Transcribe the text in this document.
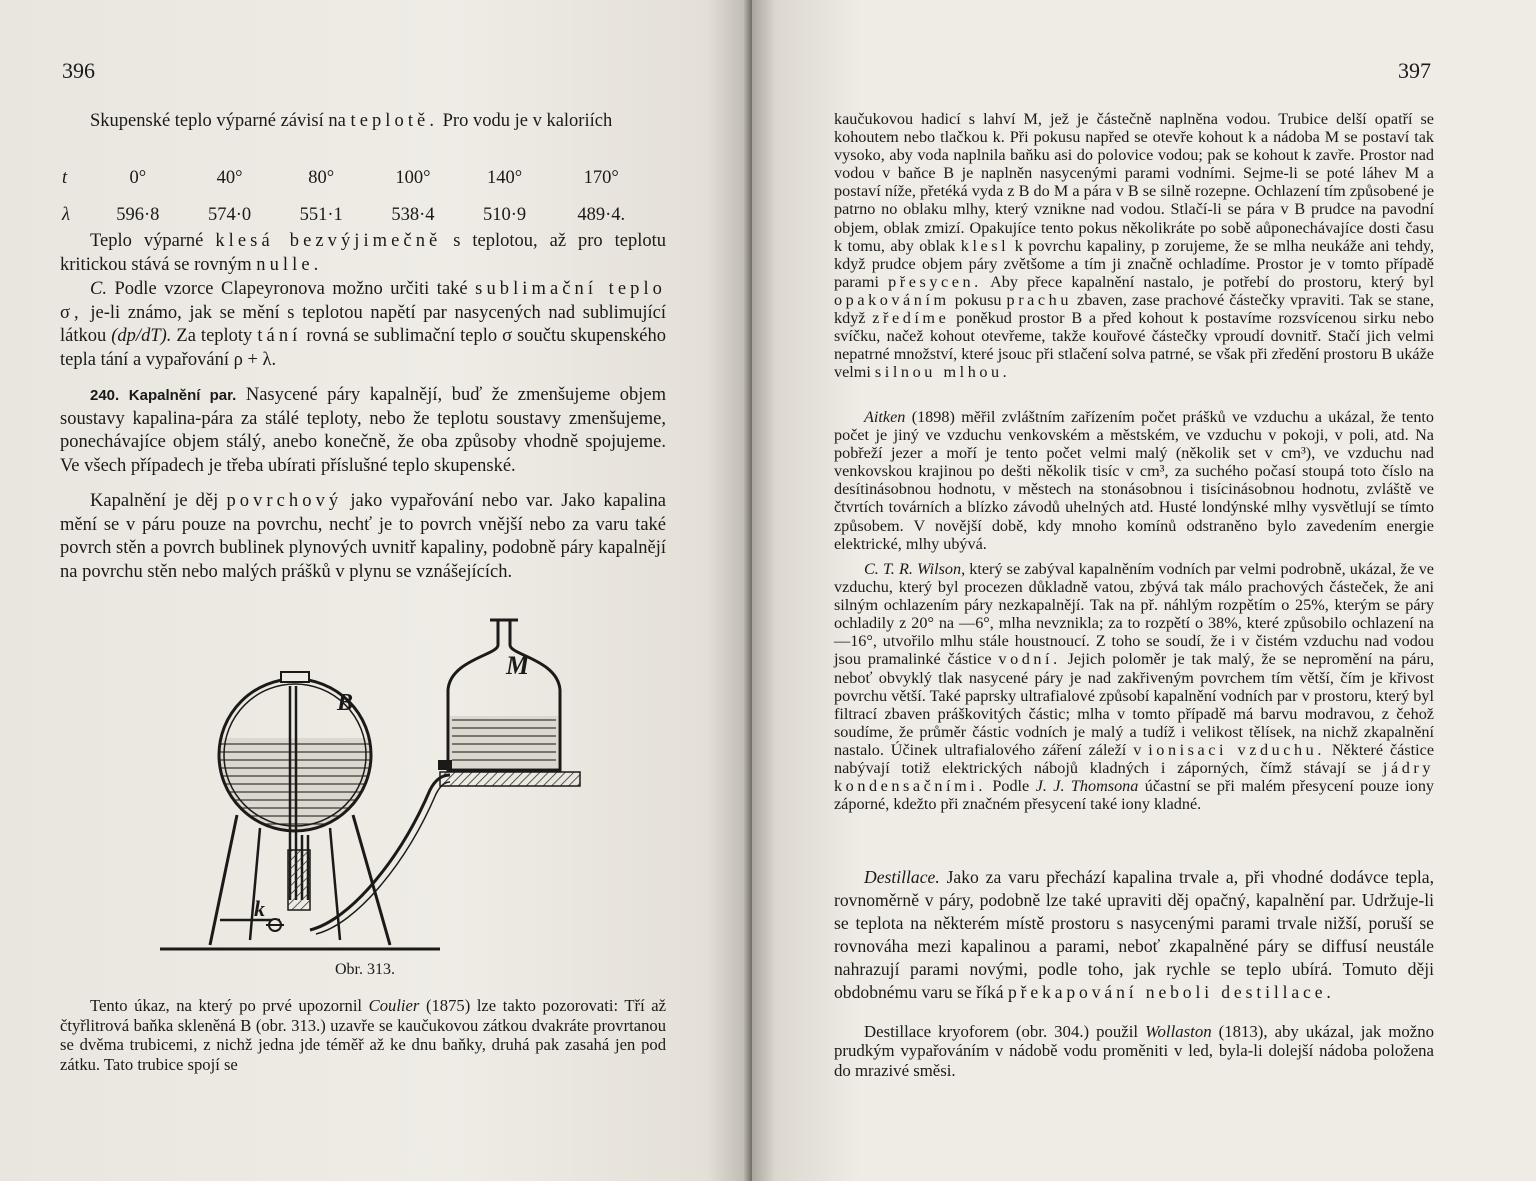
396

Skupenské teplo výparné závisí na teplotě. Pro vodu je v kaloriích

t	0°	40°	80°	100°	140°	170°
λ	596·8	574·0	551·1	538·4	510·9	489·4.

Teplo výparné klesá bezvýjimečně s teplotou, až pro teplotu kritickou stává se rovným nulle.

C. Podle vzorce Clapeyronova možno určiti také sublimační teplo σ, je-li známo, jak se mění s teplotou napětí par nasycených nad sublimující látkou (dp/dT). Za teploty tání rovná se sublimační teplo σ součtu skupenského tepla tání a vypařování ρ + λ.

240. Kapalnění par. Nasycené páry kapalnějí, buď že zmenšujeme objem soustavy kapalina-pára za stálé teploty, nebo že teplotu soustavy zmenšujeme, ponechávajíce objem stálý, anebo konečně, že oba způsoby vhodně spojujeme. Ve všech případech je třeba ubírati příslušné teplo skupenské.

Kapalnění je děj povrchový jako vypařování nebo var. Jako kapalina mění se v páru pouze na povrchu, nechť je to povrch vnější nebo za varu také povrch stěn a povrch bublinek plynových uvnitř kapaliny, podobně páry kapalnějí na povrchu stěn nebo malých prášků v plynu se vznášejících.

B
M
k
Obr. 313.

Tento úkaz, na který po prvé upozornil Coulier (1875) lze takto pozorovati: Tří až čtyřlitrová baňka skleněná B (obr. 313.) uzavře se kaučukovou zátkou dvakráte provrtanou se dvěma trubicemi, z nichž jedna jde téměř až ke dnu baňky, druhá pak zasahá jen pod zátku. Tato trubice spojí se

397

kaučukovou hadicí s lahví M, jež je částečně naplněna vodou. Trubice delší opatří se kohoutem nebo tlačkou k. Při pokusu napřed se otevře kohout k a nádoba M se postaví tak vysoko, aby voda naplnila baňku asi do polovice vodou; pak se kohout k zavře. Prostor nad vodou v baňce B je naplněn nasycenými parami vodními. Sejme-li se poté láhev M a postaví níže, přetéká vyda z B do M a pára v B se silně rozepne. Ochlazení tím způsobené je patrno no oblaku mlhy, který vznikne nad vodou. Stlačí-li se pára v B prudce na pavodní objem, oblak zmizí. Opakujíce tento pokus několikráte po sobě aůponechávajíce dosti času k tomu, aby oblak klesl k povrchu kapaliny, p zorujeme, že se mlha neukáže ani tehdy, když prudce objem páry zvětšome a tím ji značně ochladíme. Prostor je v tomto případě parami přesycen. Aby přece kapalnění nastalo, je potřebí do prostoru, který byl opakováním pokusu prachu zbaven, zase prachové částečky vpraviti. Tak se stane, když zředíme poněkud prostor B a před kohout k postavíme rozsvícenou sirku nebo svíčku, načež kohout otevřeme, takže kouřové částečky vproudí dovnitř. Stačí jich velmi nepatrné množství, které jsouc při stlačení solva patrné, se však při zředění prostoru B ukáže velmi silnou mlhou.

Aitken (1898) měřil zvláštním zařízením počet prášků ve vzduchu a ukázal, že tento počet je jiný ve vzduchu venkovském a městském, ve vzduchu v pokoji, v poli, atd. Na pobřeží jezer a moří je tento počet velmi malý (několik set v cm³), ve vzduchu nad venkovskou krajinou po dešti několik tisíc v cm³, za suchého počasí stoupá toto číslo na desítinásobnou hodnotu, v městech na stonásobnou i tisícinásobnou hodnotu, zvláště ve čtvrtích továrních a blízko závodů uhelných atd. Husté londýnské mlhy vysvětlují se tímto způsobem. V novější době, kdy mnoho komínů odstraněno bylo zavedením energie elektrické, mlhy ubývá.

C. T. R. Wilson, který se zabýval kapalněním vodních par velmi podrobně, ukázal, že ve vzduchu, který byl procezen důkladně vatou, zbývá tak málo prachových částeček, že ani silným ochlazením páry nezkapalnějí. Tak na př. náhlým rozpětím o 25%, kterým se páry ochladily z 20° na —6°, mlha nevznikla; za to rozpětí o 38%, které způsobilo ochlazení na —16°, utvořilo mlhu stále houstnoucí. Z toho se soudí, že i v čistém vzduchu nad vodou jsou pramalinké částice vodní. Jejich poloměr je tak malý, že se nepromění na páru, neboť obvyklý tlak nasycené páry je nad zakřiveným povrchem tím větší, čím je křivost povrchu větší. Také paprsky ultrafialové způsobí kapalnění vodních par v prostoru, který byl filtrací zbaven práškovitých částic; mlha v tomto případě má barvu modravou, z čehož soudíme, že průměr částic vodních je malý a tudíž i velikost tělísek, na nichž zkapalnění nastalo. Účinek ultrafialového záření záleží v ionisaci vzduchu. Některé částice nabývají totiž elektrických nábojů kladných i záporných, čímž stávají se jádry kondensačními. Podle J. J. Thomsona účastní se při malém přesycení pouze iony záporné, kdežto při značném přesycení také iony kladné.

Destillace. Jako za varu přechází kapalina trvale a, při vhodné dodávce tepla, rovnoměrně v páry, podobně lze také upraviti děj opačný, kapalnění par. Udržuje-li se teplota na některém místě prostoru s nasycenými parami trvale nižší, poruší se rovnováha mezi kapalinou a parami, neboť zkapalněné páry se diffusí neustále nahrazují parami novými, podle toho, jak rychle se teplo ubírá. Tomuto ději obdobnému varu se říká překapování neboli destillace.

Destillace kryoforem (obr. 304.) použil Wollaston (1813), aby ukázal, jak možno prudkým vypařováním v nádobě vodu proměniti v led, byla-li dolejší nádoba položena do mrazivé směsi.
